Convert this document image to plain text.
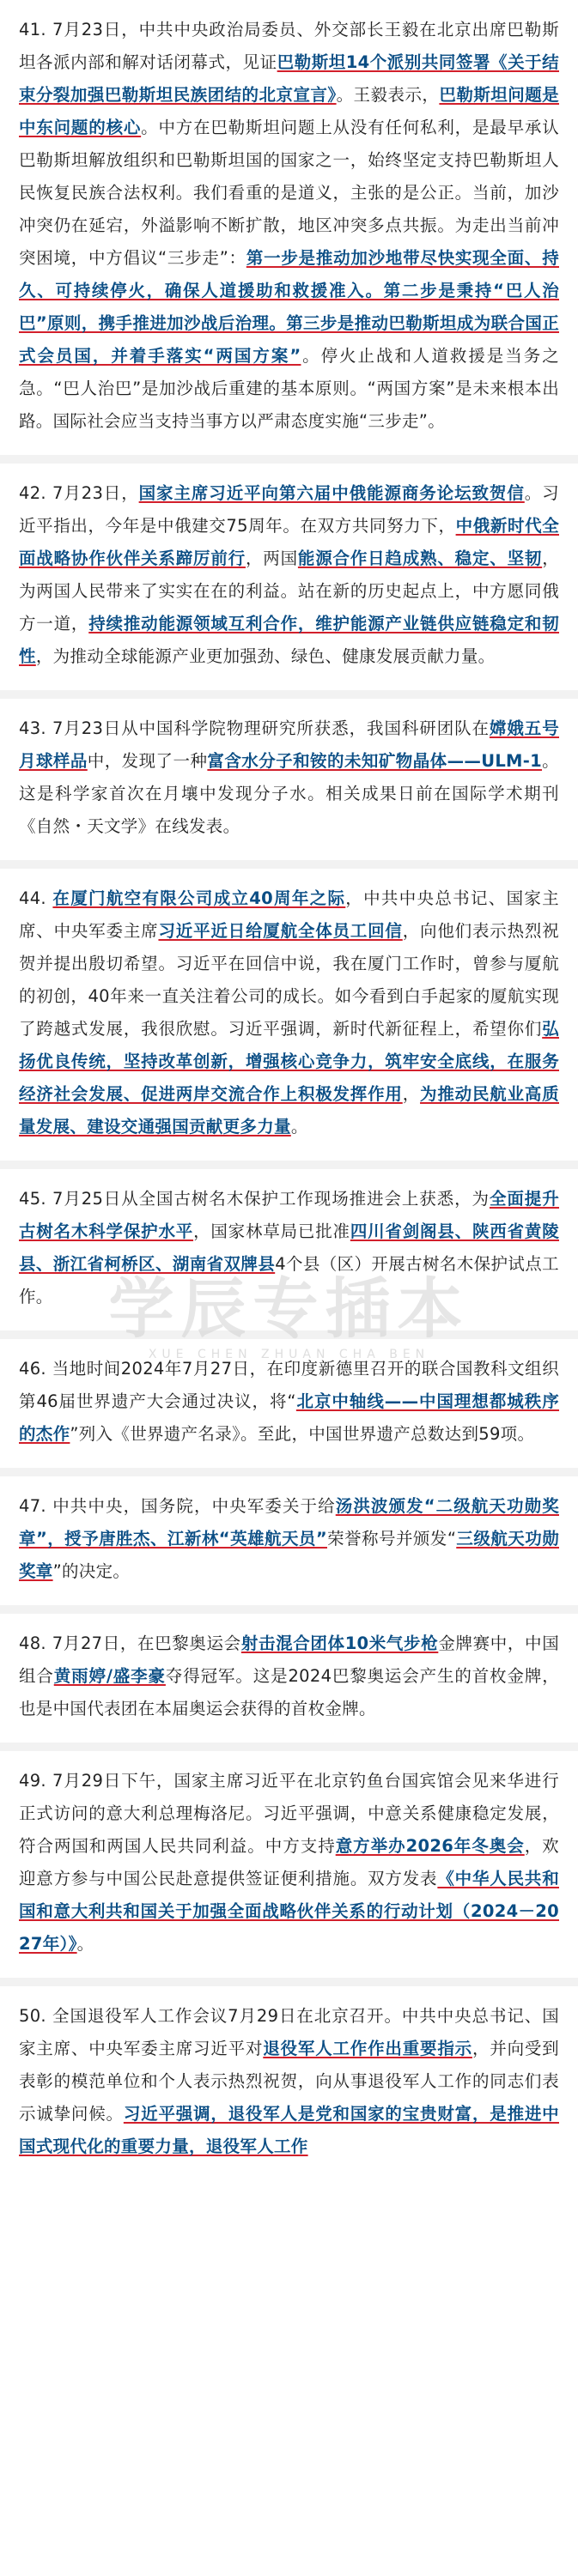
41. 7月23日，中共中央政治局委员、外交部长王毅在北京出席巴勒斯坦各派内部和解对话闭幕式，见证巴勒斯坦14个派别共同签署《关于结束分裂加强巴勒斯坦民族团结的北京宣言》。王毅表示，巴勒斯坦问题是中东问题的核心。中方在巴勒斯坦问题上从没有任何私利，是最早承认巴勒斯坦解放组织和巴勒斯坦国的国家之一，始终坚定支持巴勒斯坦人民恢复民族合法权利。我们看重的是道义，主张的是公正。当前，加沙冲突仍在延宕，外溢影响不断扩散，地区冲突多点共振。为走出当前冲突困境，中方倡议“三步走”：第一步是推动加沙地带尽快实现全面、持久、可持续停火，确保人道援助和救援准入。第二步是秉持“巴人治巴”原则，携手推进加沙战后治理。第三步是推动巴勒斯坦成为联合国正式会员国，并着手落实“两国方案”。停火止战和人道救援是当务之急。“巴人治巴”是加沙战后重建的基本原则。“两国方案”是未来根本出路。国际社会应当支持当事方以严肃态度实施“三步走”。
42. 7月23日，国家主席习近平向第六届中俄能源商务论坛致贺信。习近平指出，今年是中俄建交75周年。在双方共同努力下，中俄新时代全面战略协作伙伴关系蹄厉前行，两国能源合作日趋成熟、稳定、坚韧，为两国人民带来了实实在在的利益。站在新的历史起点上，中方愿同俄方一道，持续推动能源领域互利合作，维护能源产业链供应链稳定和韧性，为推动全球能源产业更加强劲、绿色、健康发展贡献力量。
43. 7月23日从中国科学院物理研究所获悉，我国科研团队在嫦娥五号月球样品中，发现了一种富含水分子和铵的未知矿物晶体——ULM-1。这是科学家首次在月壤中发现分子水。相关成果日前在国际学术期刊《自然・天文学》在线发表。
44. 在厦门航空有限公司成立40周年之际，中共中央总书记、国家主席、中央军委主席习近平近日给厦航全体员工回信，向他们表示热烈祝贺并提出殷切希望。习近平在回信中说，我在厦门工作时，曾参与厦航的初创，40年来一直关注着公司的成长。如今看到白手起家的厦航实现了跨越式发展，我很欣慰。习近平强调，新时代新征程上，希望你们弘扬优良传统，坚持改革创新，增强核心竞争力，筑牢安全底线，在服务经济社会发展、促进两岸交流合作上积极发挥作用，为推动民航业高质量发展、建设交通强国贡献更多力量。
45. 7月25日从全国古树名木保护工作现场推进会上获悉，为全面提升古树名木科学保护水平，国家林草局已批准四川省剑阁县、陕西省黄陵县、浙江省柯桥区、湖南省双牌县4个县（区）开展古树名木保护试点工作。
46. 当地时间2024年7月27日，在印度新德里召开的联合国教科文组织第46届世界遗产大会通过决议，将“北京中轴线——中国理想都城秩序的杰作”列入《世界遗产名录》。至此，中国世界遗产总数达到59项。
47. 中共中央，国务院，中央军委关于给汤洪波颁发“二级航天功勋奖章”，授予唐胜杰、江新林“英雄航天员”荣誉称号并颁发“三级航天功勋奖章”的决定。
48. 7月27日，在巴黎奥运会射击混合团体10米气步枪金牌赛中，中国组合黄雨婷/盛李豪夺得冠军。这是2024巴黎奥运会产生的首枚金牌，也是中国代表团在本届奥运会获得的首枚金牌。
49. 7月29日下午，国家主席习近平在北京钓鱼台国宾馆会见来华进行正式访问的意大利总理梅洛尼。习近平强调，中意关系健康稳定发展，符合两国和两国人民共同利益。中方支持意方举办2026年冬奥会，欢迎意方参与中国公民赴意提供签证便利措施。双方发表《中华人民共和国和意大利共和国关于加强全面战略伙伴关系的行动计划（2024－2027年）》。
50. 全国退役军人工作会议7月29日在北京召开。中共中央总书记、国家主席、中央军委主席习近平对退役军人工作作出重要指示，并向受到表彰的模范单位和个人表示热烈祝贺，向从事退役军人工作的同志们表示诚挚问候。习近平强调，退役军人是党和国家的宝贵财富，是推进中国式现代化的重要力量，退役军人工作
学辰专插本
XUE CHEN ZHUAN CHA BEN
